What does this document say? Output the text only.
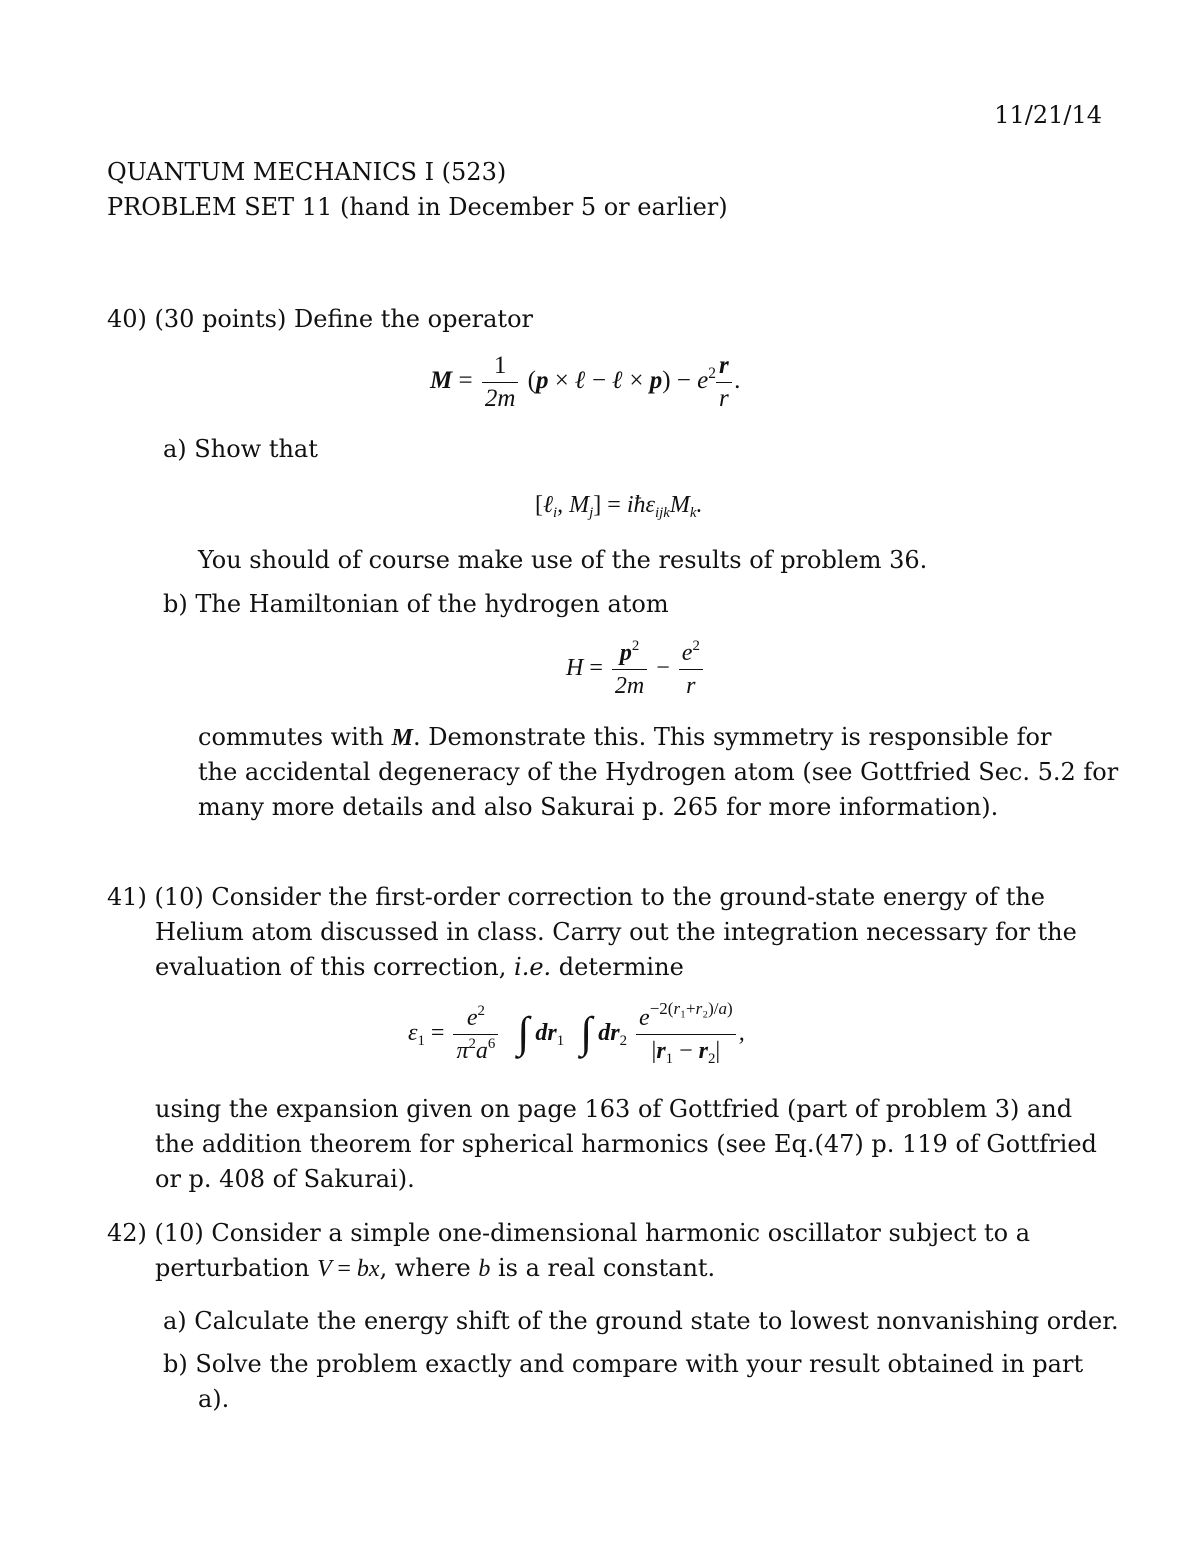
11/21/14
QUANTUM MECHANICS I (523)
PROBLEM SET 11 (hand in December 5 or earlier)
40) (30 points) Define the operator
$M = \frac{1}{2m} (p$ × ℓ − ℓ × $p) - e^2 \frac{r}{r}$ .
a) Show that
[ℓ$_i$, $M_j$] = $iħ\varepsilon_{ijk}M_k$.
You should of course make use of the results of problem 36.
b) The Hamiltonian of the hydrogen atom
$H = \frac{p^2}{2m} - \frac{e^2}{r}$
commutes with M. Demonstrate this. This symmetry is responsible for
the accidental degeneracy of the Hydrogen atom (see Gottfried Sec. 5.2 for
many more details and also Sakurai p. 265 for more information).
41) (10) Consider the first-order correction to the ground-state energy of the
Helium atom discussed in class. Carry out the integration necessary for the
evaluation of this correction, i.e. determine
$\varepsilon_1 = \frac{e^2}{\pi^2a^6}$ ∫ $dr_1$ ∫ $dr_2 \frac{e^{-2(r_1+r_2)/a)}}{|r_1 - r_2|}$ ,
using the expansion given on page 163 of Gottfried (part of problem 3) and
the addition theorem for spherical harmonics (see Eq.(47) p. 119 of Gottfried
or p. 408 of Sakurai).
42) (10) Consider a simple one-dimensional harmonic oscillator subject to a
perturbation V = bx, where b is a real constant.
a) Calculate the energy shift of the ground state to lowest nonvanishing order.
b) Solve the problem exactly and compare with your result obtained in part
a).
